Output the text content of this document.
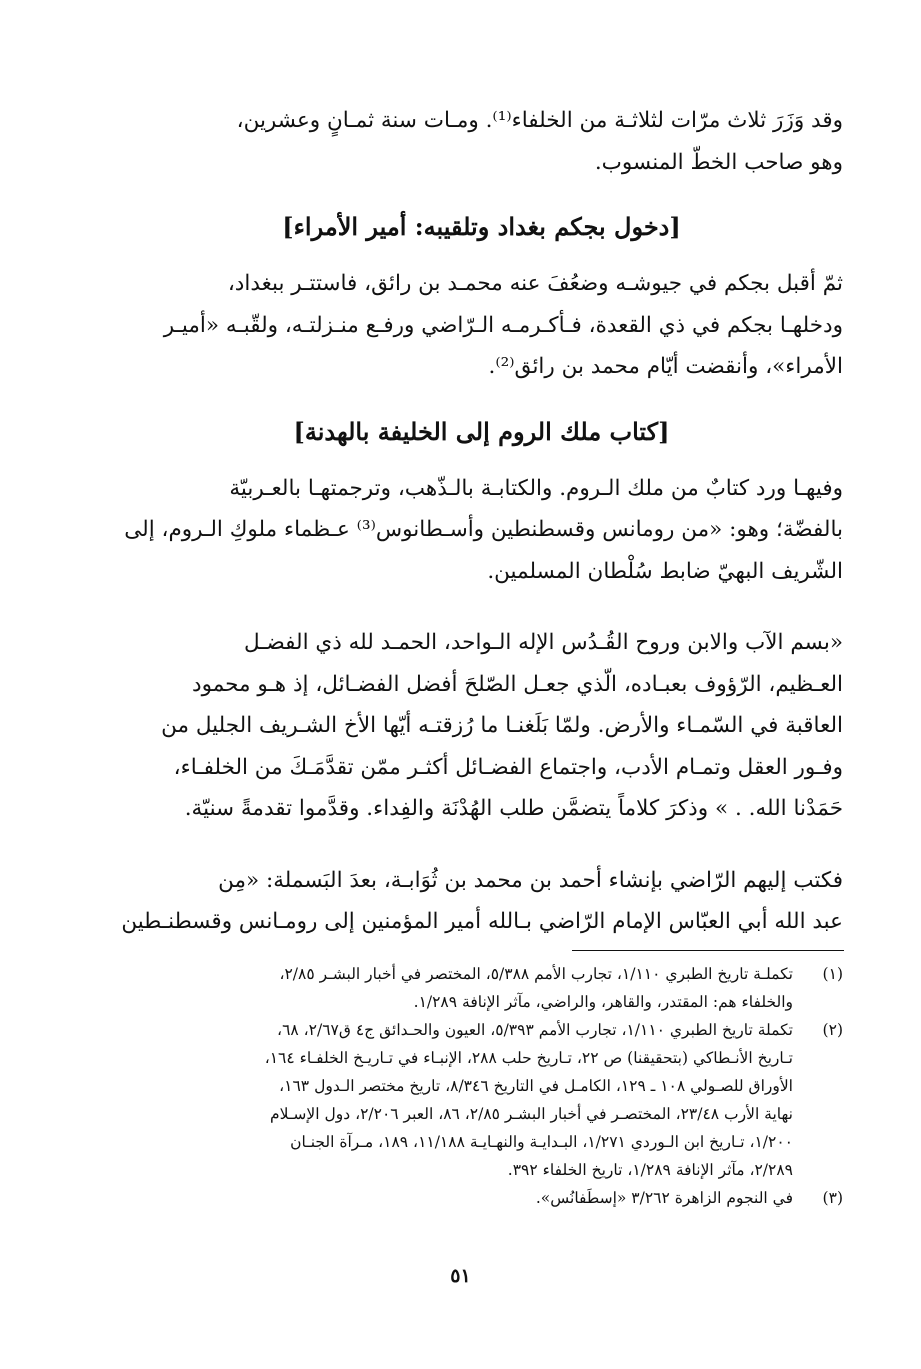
وقد وَزَرَ ثلاث مرّات لثلاثـة من الخلفاء⁽¹⁾. ومـات سنة ثمـانٍ وعشرين،
وهو صاحب الخطّ المنسوب.

[دخول بجكم بغداد وتلقيبه: أمير الأمراء]

ثمّ أقبل بجكم في جيوشـه وضعُفَ عنه محمـد بن رائق، فاستتـر ببغداد،
ودخلهـا بجكم في ذي القعدة، فـأكـرمـه الـرّاضي ورفـع منـزلتـه، ولقّبـه «أميـر
الأمراء»، وأنقضت أيّام محمد بن رائق⁽²⁾.

[كتاب ملك الروم إلى الخليفة بالهدنة]

وفيهـا ورد كتابٌ من ملك الـروم. والكتابـة بالـذّهب، وترجمتهـا بالعـربيّة
بالفضّة؛ وهو: «من رومانس وقسطنطين وأسـطانوس⁽³⁾ عـظماء ملوكِ الـروم، إلى
الشّريف البهيّ ضابط سُلْطان المسلمين.

«بسم الآب والابن وروح القُـدُس الإله الـواحد، الحمـد لله ذي الفضـل
العـظيم، الرّؤوف بعبـاده، الّذي جعـل الصّلحَ أفضل الفضـائل، إذ هـو محمود
العاقبة في السّمـاء والأرض. ولمّا بَلَغنـا ما رُزقتـه أيّها الأخ الشـريف الجليل من
وفـور العقل وتمـام الأدب، واجتماع الفضـائل أكثـر ممّن تقدَّمَـكَ من الخلفـاء،
حَمَدْنا الله. . » وذكرَ كلاماً يتضمَّن طلب الهُدْنَة والفِداء. وقدَّموا تقدمةً سنيّة.

فكتب إليهم الرّاضي بإنشاء أحمد بن محمد بن ثُوَابـة، بعدَ البَسملة: «مِن
عبد الله أبي العبّاس الإمام الرّاضي بـالله أمير المؤمنين إلى رومـانس وقسطنـطين

(١)
تكملـة تاريخ الطبري ١/١١٠، تجارب الأمم ٥/٣٨٨، المختصر في أخبار البشـر ٢/٨٥،
والخلفاء هم: المقتدر، والقاهر، والراضي، مآثر الإنافة ١/٢٨٩.
(٢)
تكملة تاريخ الطبري ١/١١٠، تجارب الأمم ٥/٣٩٣، العيون والحـدائق ج٤ ق٢/٦٧، ٦٨،
تـاريخ الأنـطاكي (بتحقيقنا) ص ٢٢، تـاريخ حلب ٢٨٨، الإنبـاء في تـاريـخ الخلفـاء ١٦٤،
الأوراق للصـولي ١٠٨ ـ ١٢٩، الكامـل في التاريخ ٨/٣٤٦، تاريخ مختصر الـدول ١٦٣،
نهاية الأرب ٢٣/٤٨، المختصـر في أخبار البشـر ٢/٨٥، ٨٦، العبر ٢/٢٠٦، دول الإسـلام
١/٢٠٠، تـاريخ ابن الـوردي ١/٢٧١، البـدايـة والنهـايـة ١١/١٨٨، ١٨٩، مـرآة الجنـان
٢/٢٨٩، مآثر الإنافة ١/٢٨٩، تاريخ الخلفاء ٣٩٢.
(٣)
في النجوم الزاهرة ٣/٢٦٢ «إسطَفانُس».
٥١
